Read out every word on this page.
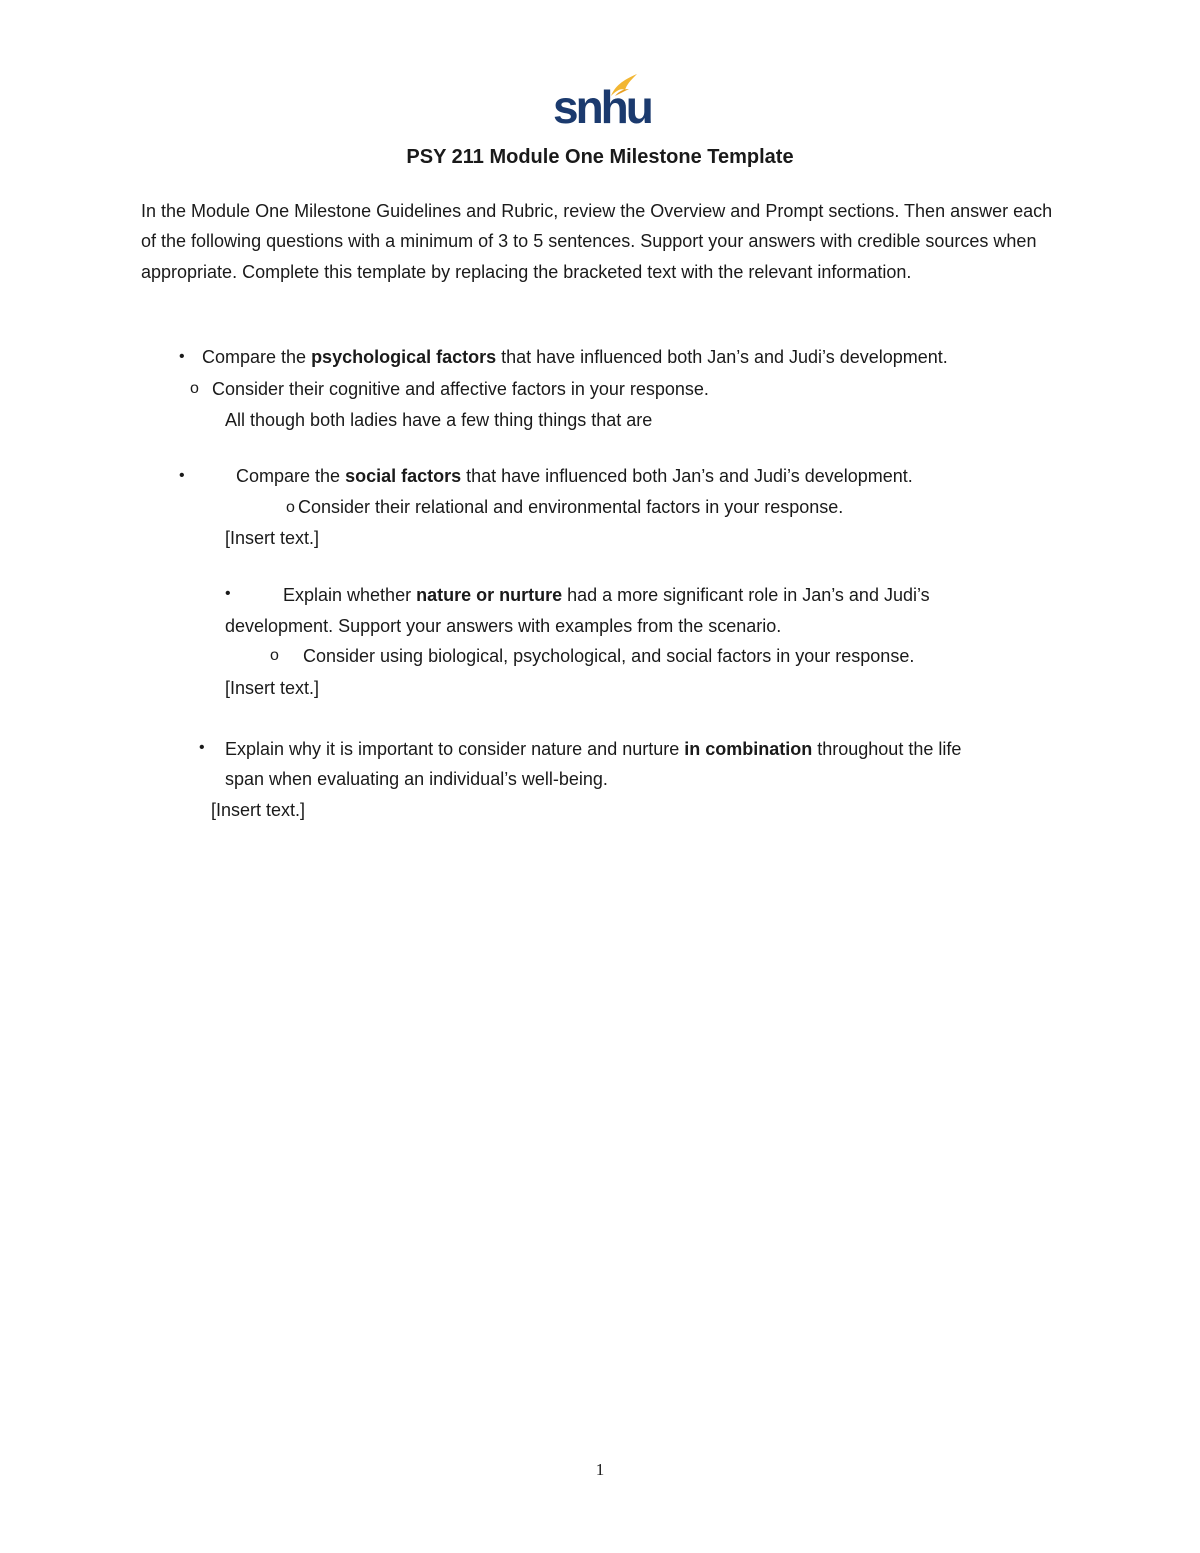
snhu
PSY 211 Module One Milestone Template
In the Module One Milestone Guidelines and Rubric, review the Overview and Prompt sections. Then answer each of the following questions with a minimum of 3 to 5 sentences. Support your answers with credible sources when appropriate. Complete this template by replacing the bracketed text with the relevant information.
• Compare the psychological factors that have influenced both Jan’s and Judi’s development.
o Consider their cognitive and affective factors in your response.
All though both ladies have a few thing things that are
•	Compare the social factors that have influenced both Jan’s and Judi’s development.
o Consider their relational and environmental factors in your response.
[Insert text.]
•	Explain whether nature or nurture had a more significant role in Jan’s and Judi’s
development. Support your answers with examples from the scenario.
o Consider using biological, psychological, and social factors in your response.
[Insert text.]
• Explain why it is important to consider nature and nurture in combination throughout the life
span when evaluating an individual’s well-being.
[Insert text.]
1
